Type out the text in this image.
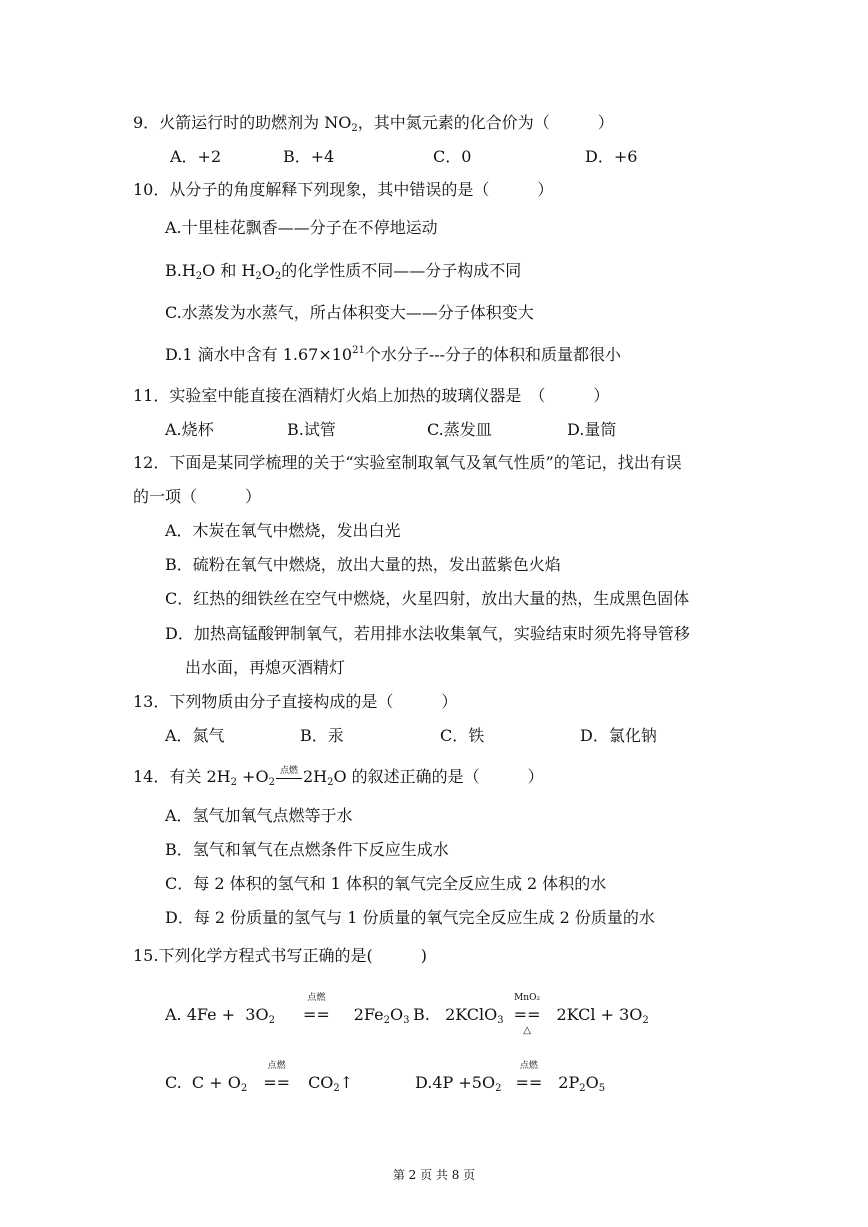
9．火箭运行时的助燃剂为 $NO_2$，其中氮元素的化合价为（　　　）
A．+2	B．+4	C．0	D．+6
10．从分子的角度解释下列现象，其中错误的是（　　　）
A.十里桂花飘香——分子在不停地运动
$B.H_2O$ 和 $H_2O_2$的化学性质不同——分子构成不同
C.水蒸发为水蒸气，所占体积变大——分子体积变大
D.1 滴水中含有 $1.67\times 10^{21}$个水分子---分子的体积和质量都很小
11．实验室中能直接在酒精灯火焰上加热的玻璃仪器是　（　　　）
A.烧杯	B.试管	C.蒸发皿	D.量筒
12．下面是某同学梳理的关于“实验室制取氧气及氧气性质”的笔记，找出有误
的一项（　　　）
A．木炭在氧气中燃烧，发出白光
B．硫粉在氧气中燃烧，放出大量的热，发出蓝紫色火焰
C．红热的细铁丝在空气中燃烧，火星四射，放出大量的热，生成黑色固体
D．加热高锰酸钾制氧气，若用排水法收集氧气，实验结束时须先将导管移
出水面，再熄灭酒精灯
13．下列物质由分子直接构成的是（　　　）
A．氮气	B．汞	C．铁	D．氯化钠
14．有关 $2H_2 +O_2$
点燃 $2H_2O$ 的叙述正确的是（　　　）
A．氢气加氧气点燃等于水
B．氢气和氧气在点燃条件下反应生成水
C．每 2 体积的氢气和 1 体积的氧气完全反应生成 2 体积的水
D．每 2 份质量的氢气与 1 份质量的氧气完全反应生成 2 份质量的水
15.下列化学方程式书写正确的是(　　　)
A. $4Fe + 3O_2$
点燃
== $2Fe_2O_3$ B.   2KClO$_3$
MnO₂
==
△
$2KCl + 3O_2$
C.  $C + O_2$
点燃
== $CO_2↑$	$D.4P +5O_2$
点燃
== $2P_2O_5$
第 2 页 共 8 页
